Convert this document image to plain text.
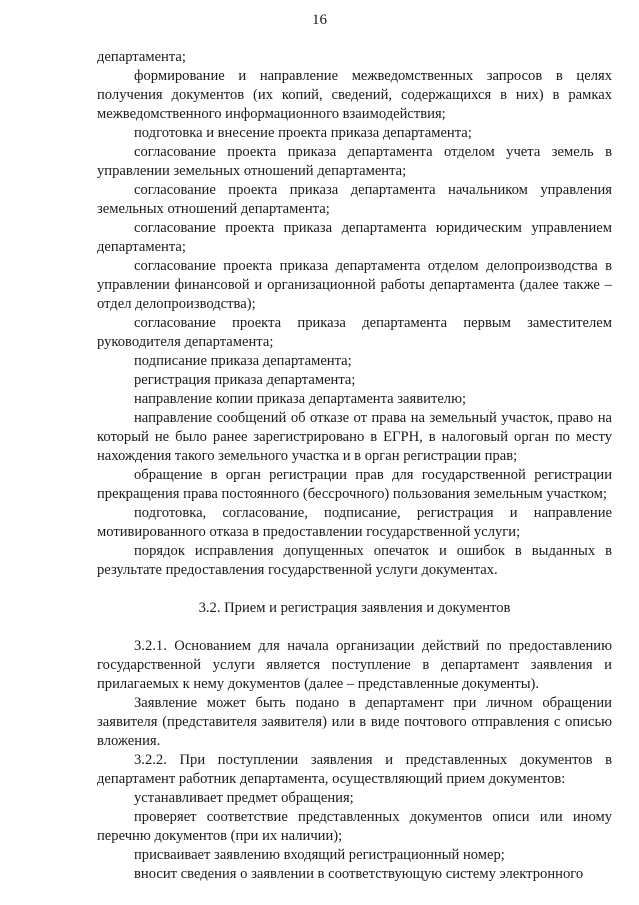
16

департамента;

формирование и направление межведомственных запросов в целях получения документов (их копий, сведений, содержащихся в них) в рамках межведомственного информационного взаимодействия;

подготовка и внесение проекта приказа департамента;

согласование проекта приказа департамента отделом учета земель в управлении земельных отношений департамента;

согласование проекта приказа департамента начальником управления земельных отношений департамента;

согласование проекта приказа департамента юридическим управлением департамента;

согласование проекта приказа департамента отделом делопроизводства в управлении финансовой и организационной работы департамента (далее также – отдел делопроизводства);

согласование проекта приказа департамента первым заместителем руководителя департамента;

подписание приказа департамента;

регистрация приказа департамента;

направление копии приказа департамента заявителю;

направление сообщений об отказе от права на земельный участок, право на который не было ранее зарегистрировано в ЕГРН, в налоговый орган по месту нахождения такого земельного участка и в орган регистрации прав;

обращение в орган регистрации прав для государственной регистрации прекращения права постоянного (бессрочного) пользования земельным участком;

подготовка, согласование, подписание, регистрация и направление мотивированного отказа в предоставлении государственной услуги;

порядок исправления допущенных опечаток и ошибок в выданных в результате предоставления государственной услуги документах.

3.2. Прием и регистрация заявления и документов

3.2.1. Основанием для начала организации действий по предоставлению государственной услуги является поступление в департамент заявления и прилагаемых к нему документов (далее – представленные документы).

Заявление может быть подано в департамент при личном обращении заявителя (представителя заявителя) или в виде почтового отправления с описью вложения.

3.2.2. При поступлении заявления и представленных документов в департамент работник департамента, осуществляющий прием документов:

устанавливает предмет обращения;

проверяет соответствие представленных документов описи или иному перечню документов (при их наличии);

присваивает заявлению входящий регистрационный номер;

вносит сведения о заявлении в соответствующую систему электронного
